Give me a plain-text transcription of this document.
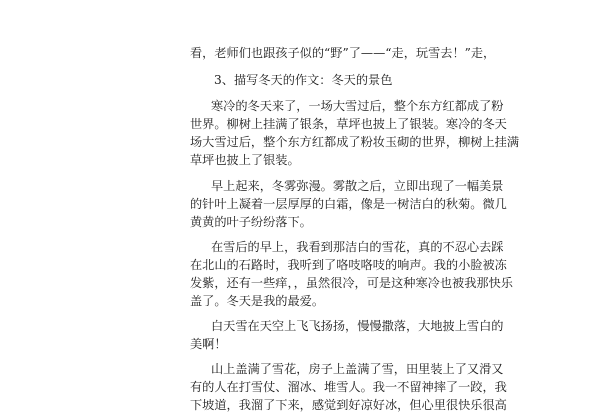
看，老师们也跟孩子似的“野”了——“走，玩雪去！”走，
3、描写冬天的作文：冬天的景色
寒冷的冬天来了，一场大雪过后，整个东方红都成了粉
世界。柳树上挂满了银条，草坪也披上了银装。寒冷的冬天
场大雪过后，整个东方红都成了粉妆玉砌的世界，柳树上挂满
草坪也披上了银装。
早上起来，冬雾弥漫。雾散之后，立即出现了一幅美景
的针叶上凝着一层厚厚的白霜，像是一树洁白的秋菊。微几
黄黄的叶子纷纷落下。
在雪后的早上，我看到那洁白的雪花，真的不忍心去踩
在北山的石路时，我听到了咯吱咯吱的响声。我的小脸被冻
发紫，还有一些痒，，虽然很冷，可是这种寒冷也被我那快乐
盖了。冬天是我的最爱。
白天雪在天空上飞飞扬扬，慢慢撒落，大地披上雪白的
美啊！
山上盖满了雪花，房子上盖满了雪，田里装上了又滑又
有的人在打雪仗、溜冰、堆雪人。我一不留神摔了一跤，我
下坡道，我溜了下来，感觉到好凉好冰，但心里很快乐很高
